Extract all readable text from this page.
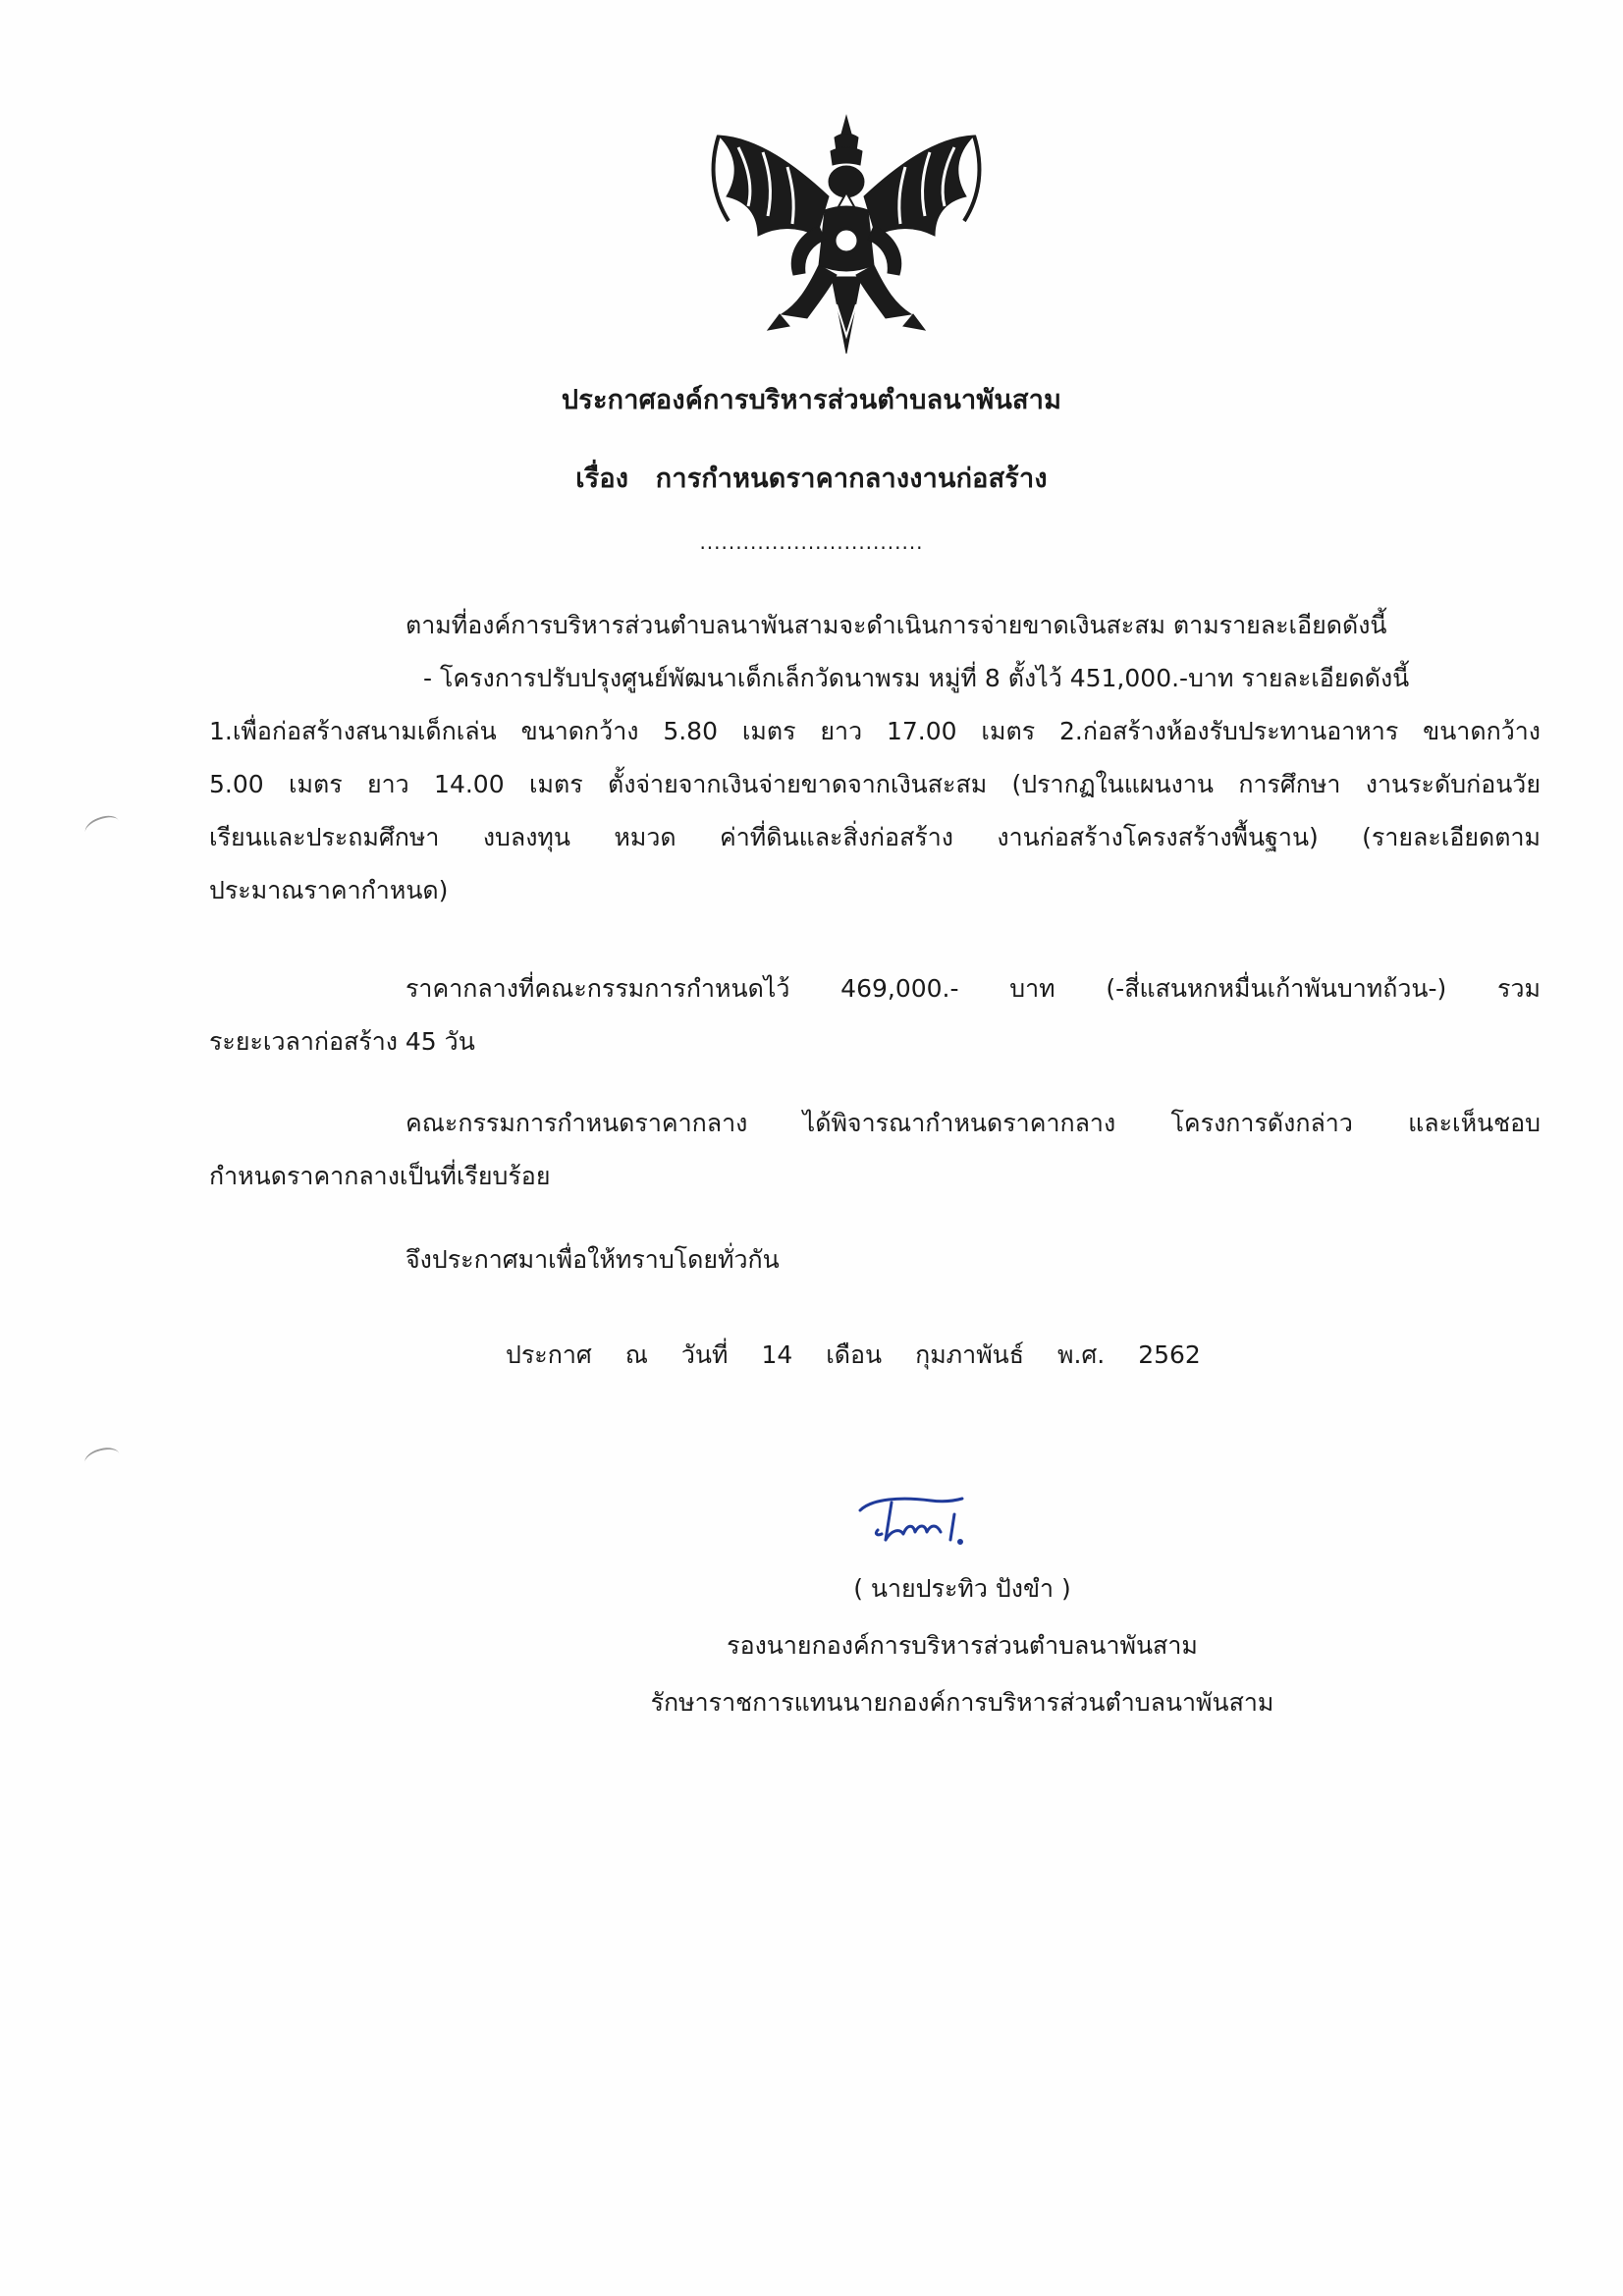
ประกาศองค์การบริหารส่วนตำบลนาพันสาม
เรื่อง การกำหนดราคากลางงานก่อสร้าง
...............................
ตามที่องค์การบริหารส่วนตำบลนาพันสามจะดำเนินการจ่ายขาดเงินสะสม ตามรายละเอียดดังนี้
- โครงการปรับปรุงศูนย์พัฒนาเด็กเล็กวัดนาพรม หมู่ที่ 8 ตั้งไว้ 451,000.-บาท รายละเอียดดังนี้
1.เพื่อก่อสร้างสนามเด็กเล่น ขนาดกว้าง 5.80 เมตร ยาว 17.00 เมตร 2.ก่อสร้างห้องรับประทานอาหาร ขนาดกว้าง
5.00 เมตร ยาว 14.00 เมตร ตั้งจ่ายจากเงินจ่ายขาดจากเงินสะสม (ปรากฏในแผนงาน การศึกษา งานระดับก่อนวัย
เรียนและประถมศึกษา งบลงทุน หมวด ค่าที่ดินและสิ่งก่อสร้าง งานก่อสร้างโครงสร้างพื้นฐาน) (รายละเอียดตาม
ประมาณราคากำหนด)
ราคากลางที่คณะกรรมการกำหนดไว้ 469,000.- บาท (-สี่แสนหกหมื่นเก้าพันบาทถ้วน-) รวม
ระยะเวลาก่อสร้าง 45 วัน
คณะกรรมการกำหนดราคากลาง ได้พิจารณากำหนดราคากลาง โครงการดังกล่าว และเห็นชอบ
กำหนดราคากลางเป็นที่เรียบร้อย
จึงประกาศมาเพื่อให้ทราบโดยทั่วกัน
ประกาศ ณ วันที่ 14 เดือน กุมภาพันธ์ พ.ศ. 2562
( นายประทิว ปังขำ )
รองนายกองค์การบริหารส่วนตำบลนาพันสาม
รักษาราชการแทนนายกองค์การบริหารส่วนตำบลนาพันสาม
